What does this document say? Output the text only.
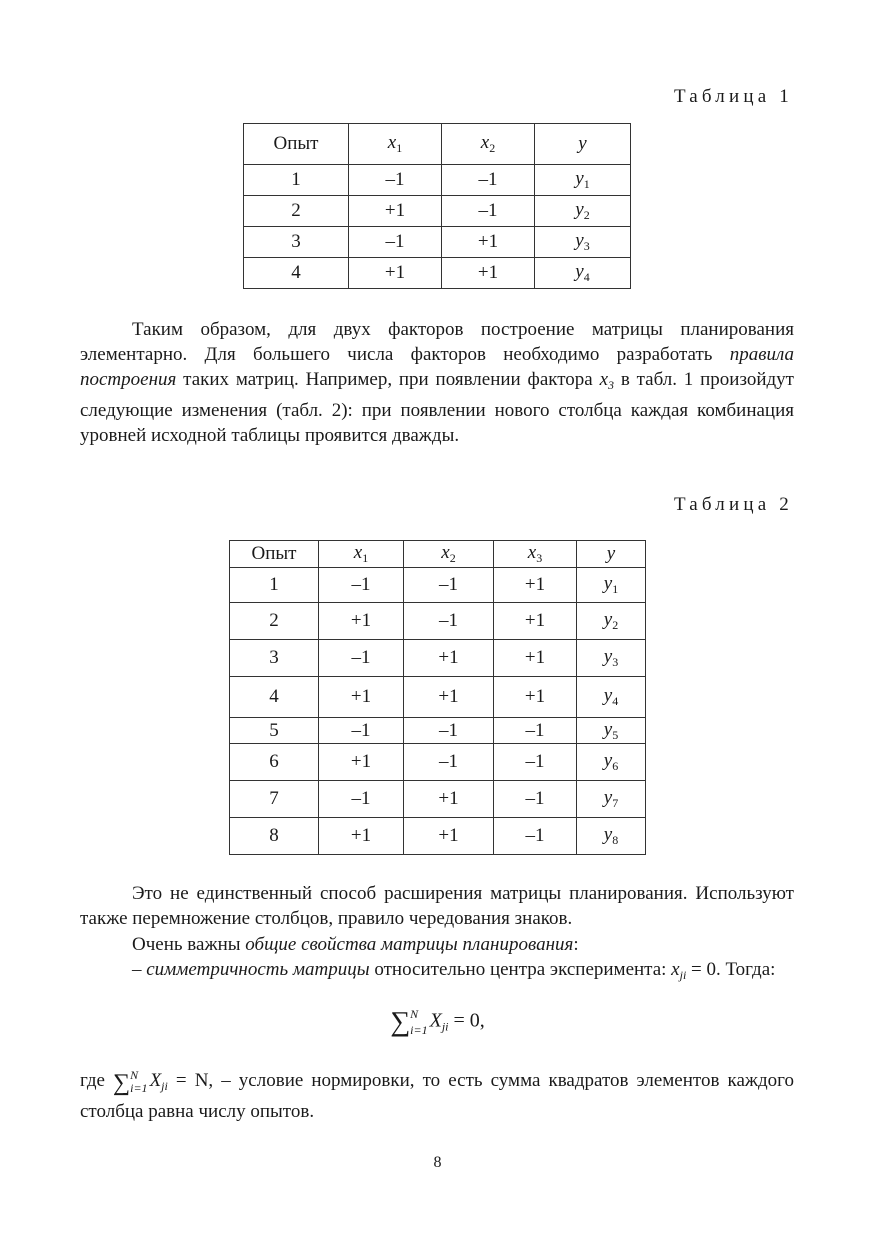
Таблица 1
Опыт	$x_1$	$x_2$	y
1	–1	–1	$y_1$
2	+1	–1	$y_2$
3	–1	+1	$y_3$
4	+1	+1	$y_4$

Таким образом, для двух факторов построение матрицы планирования элементарно. Для большего числа факторов необходимо разработать правила построения таких матриц. Например, при появлении фактора $x_3$ в табл. 1 произойдут следующие изменения (табл. 2): при появлении нового столбца каждая комбинация уровней исходной таблицы проявится дважды.

Таблица 2
Опыт	$x_1$	$x_2$	$x_3$	y
1	–1	–1	+1	$y_1$
2	+1	–1	+1	$y_2$
3	–1	+1	+1	$y_3$
4	+1	+1	+1	$y_4$
5	–1	–1	–1	$y_5$
6	+1	–1	–1	$y_6$
7	–1	+1	–1	$y_7$
8	+1	+1	–1	$y_8$

Это не единственный способ расширения матрицы планирования. Используют также перемножение столбцов, правило чередования знаков.

Очень важны общие свойства матрицы планирования:

– симметричность матрицы относительно центра эксперимента: $x_{ji} = 0$. Тогда:

∑N
i=1 $X_{ji} = 0$,

где ∑N
i=1 $X_{ji} = N$, – условие нормировки, то есть сумма квадратов элементов каждого столбца равна числу опытов.

8
